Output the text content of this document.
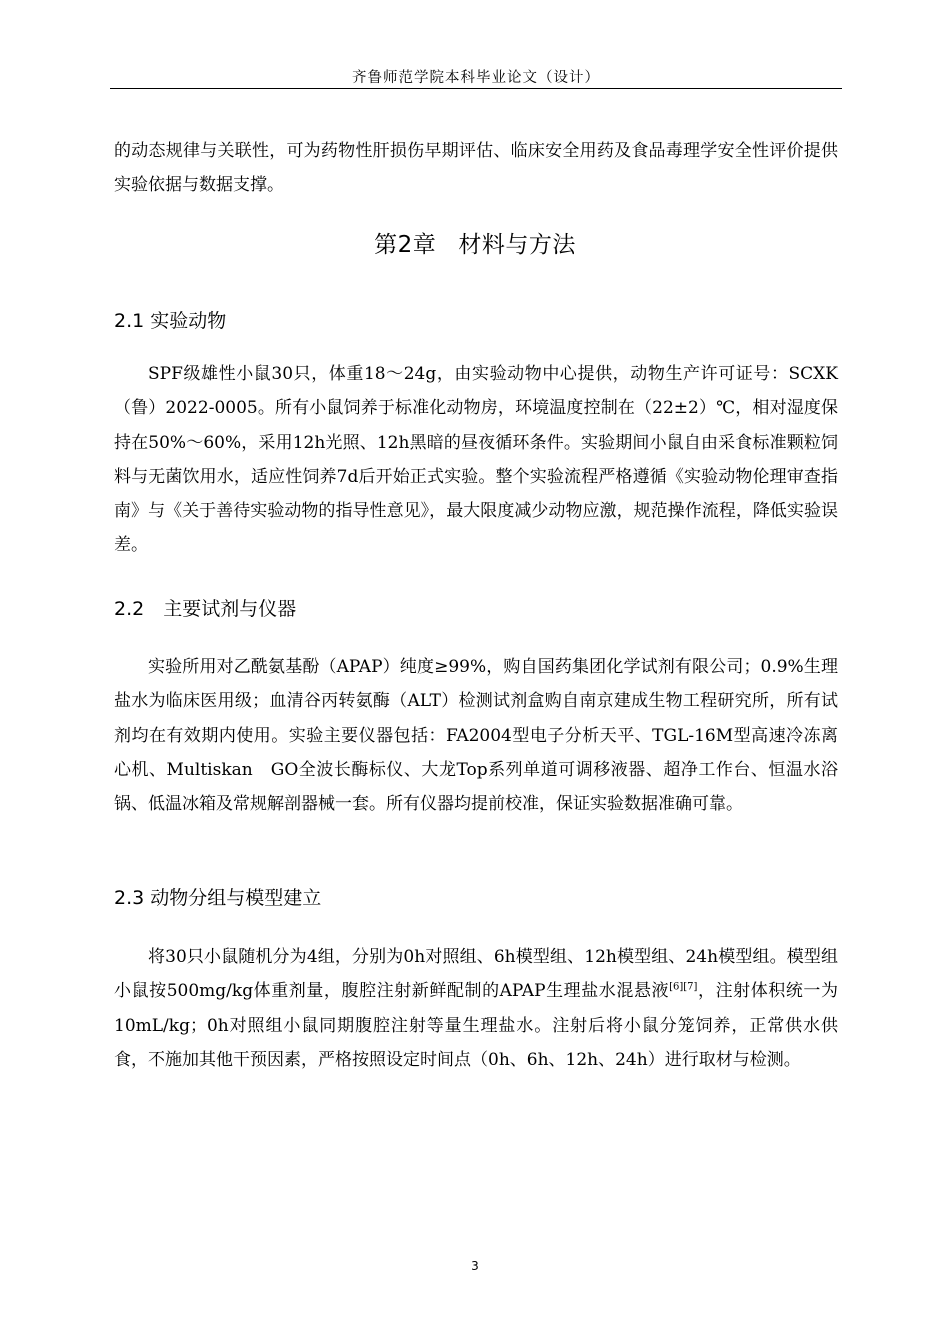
齐鲁师范学院本科毕业论文（设计）

的动态规律与关联性，可为药物性肝损伤早期评估、临床安全用药及食品毒理学安全性评价提供实验依据与数据支撑。

第2章 材料与方法
2.1 实验动物

SPF级雄性小鼠30只，体重18～24g，由实验动物中心提供，动物生产许可证号：SCXK（鲁）2022-0005。所有小鼠饲养于标准化动物房，环境温度控制在（22±2）℃，相对湿度保持在50%～60%，采用12h光照、12h黑暗的昼夜循环条件。实验期间小鼠自由采食标准颗粒饲料与无菌饮用水，适应性饲养7d后开始正式实验。整个实验流程严格遵循《实验动物伦理审查指南》与《关于善待实验动物的指导性意见》，最大限度减少动物应激，规范操作流程，降低实验误差。

2.2　主要试剂与仪器

实验所用对乙酰氨基酚（APAP）纯度≥99%，购自国药集团化学试剂有限公司；0.9%生理盐水为临床医用级；血清谷丙转氨酶（ALT）检测试剂盒购自南京建成生物工程研究所，所有试剂均在有效期内使用。实验主要仪器包括：FA2004型电子分析天平、TGL-16M型高速冷冻离心机、Multiskan　GO全波长酶标仪、大龙Top系列单道可调移液器、超净工作台、恒温水浴锅、低温冰箱及常规解剖器械一套。所有仪器均提前校准，保证实验数据准确可靠。

2.3 动物分组与模型建立

将30只小鼠随机分为4组，分别为0h对照组、6h模型组、12h模型组、24h模型组。模型组小鼠按500mg/kg体重剂量，腹腔注射新鲜配制的APAP生理盐水混悬液[6][7]，注射体积统一为10mL/kg；0h对照组小鼠同期腹腔注射等量生理盐水。注射后将小鼠分笼饲养，正常供水供食，不施加其他干预因素，严格按照设定时间点（0h、6h、12h、24h）进行取材与检测。

3
